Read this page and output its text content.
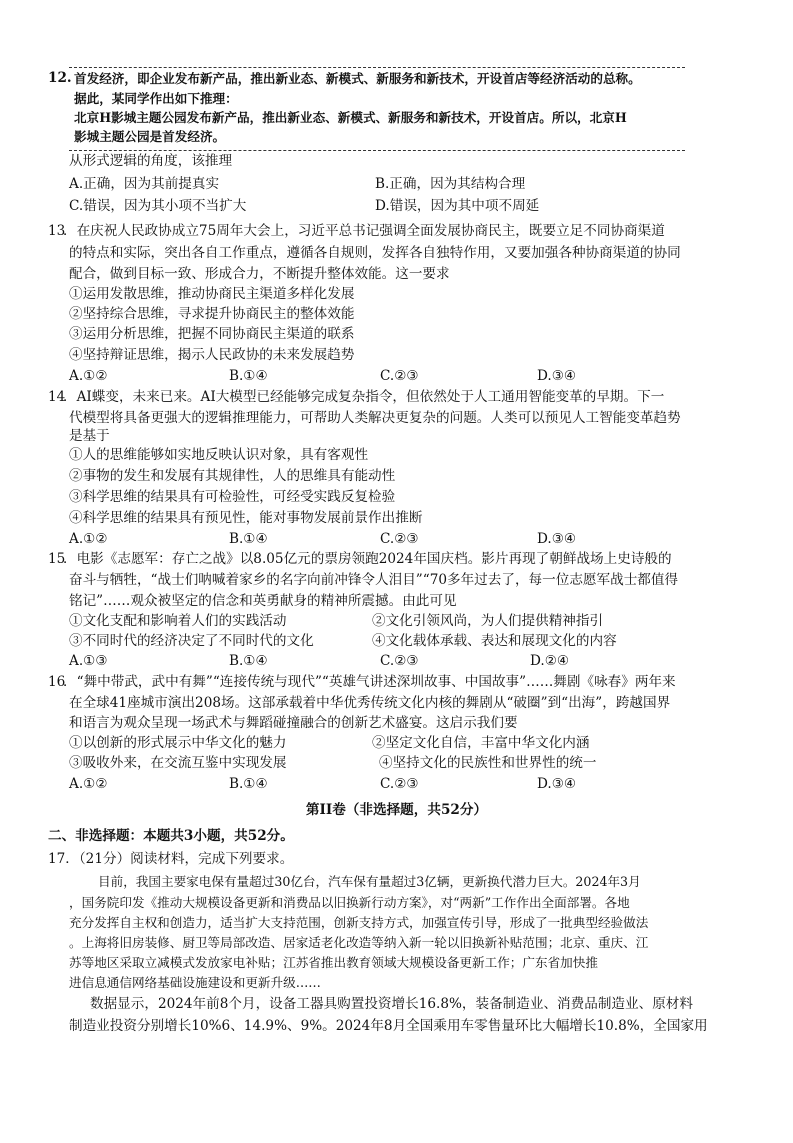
12. 首发经济，即企业发布新产品，推出新业态、新模式、新服务和新技术，开设首店等经济活动的总称。
据此，某同学作出如下推理：
北京H影城主题公园发布新产品，推出新业态、新模式、新服务和新技术，开设首店。所以，北京H
影城主题公园是首发经济。
从形式逻辑的角度，该推理
A.正确，因为其前提真实	B.正确，因为其结构合理
C.错误，因为其小项不当扩大	D.错误，因为其中项不周延
13
．在庆祝人民政协成立75周年大会上，习近平总书记强调全面发展协商民主，既要立足不同协商渠道
的特点和实际，突出各自工作重点，遵循各自规则，发挥各自独特作用，又要加强各种协商渠道的协同
配合，做到目标一致、形成合力，不断提升整体效能。这一要求
①运用发散思维，推动协商民主渠道多样化发展
②坚持综合思维，寻求提升协商民主的整体效能
③运用分析思维，把握不同协商民主渠道的联系
④坚持辩证思维，揭示人民政协的未来发展趋势
A.①②	B.①④	C.②③	D.③④
14
．AI蝶变，未来已来。AI大模型已经能够完成复杂指令，但依然处于人工通用智能变革的早期。下一
代模型将具备更强大的逻辑推理能力，可帮助人类解决更复杂的问题。人类可以预见人工智能变革趋势
是基于
①人的思维能够如实地反映认识对象，具有客观性
②事物的发生和发展有其规律性，人的思维具有能动性
③科学思维的结果具有可检验性，可经受实践反复检验
④科学思维的结果具有预见性，能对事物发展前景作出推断
A.①②	B.①④	C.②③	D.③④
15
．电影《志愿军：存亡之战》以8.05亿元的票房领跑2024年国庆档。影片再现了朝鲜战场上史诗般的
奋斗与牺牲，“战士们呐喊着家乡的名字向前冲锋令人泪目”“70多年过去了，每一位志愿军战士都值得
铭记”……观众被坚定的信念和英勇献身的精神所震撼。由此可见
①文化支配和影响着人们的实践活动	②文化引领风尚，为人们提供精神指引
③不同时代的经济决定了不同时代的文化	④文化载体承载、表达和展现文化的内容
A.①③	B.①④	C.②③	D.②④
16
．“舞中带武，武中有舞”“连接传统与现代”“英雄气讲述深圳故事、中国故事”……舞剧《咏春》两年来
在全球41座城市演出208场。这部承载着中华优秀传统文化内核的舞剧从“破圈”到“出海”，跨越国界
和语言为观众呈现一场武术与舞蹈碰撞融合的创新艺术盛宴。这启示我们要
①以创新的形式展示中华文化的魅力	②坚定文化自信，丰富中华文化内涵
③吸收外来，在交流互鉴中实现发展	④坚持文化的民族性和世界性的统一
A.①②	B.①④	C.②③	D.③④
第II卷（非选择题，共52分）
二、非选择题：本题共3小题，共52分。
17．（21分）阅读材料，完成下列要求。
目前，我国主要家电保有量超过30亿台，汽车保有量超过3亿辆，更新换代潜力巨大。2024年3月
，国务院印发《推动大规模设备更新和消费品以旧换新行动方案》，对“两新”工作作出全面部署。各地
充分发挥自主权和创造力，适当扩大支持范围，创新支持方式，加强宣传引导，形成了一批典型经验做法
。上海将旧房装修、厨卫等局部改造、居家适老化改造等纳入新一轮以旧换新补贴范围；北京、重庆、江
苏等地区采取立减模式发放家电补贴；江苏省推出教育领域大规模设备更新工作；广东省加快推
进信息通信网络基础设施建设和更新升级……
数据显示，2024年前8个月，设备工器具购置投资增长16.8%，装备制造业、消费品制造业、原材料
制造业投资分别增长10%6、14.9%、9%。2024年8月全国乘用车零售量环比大幅增长10.8%，全国家用
